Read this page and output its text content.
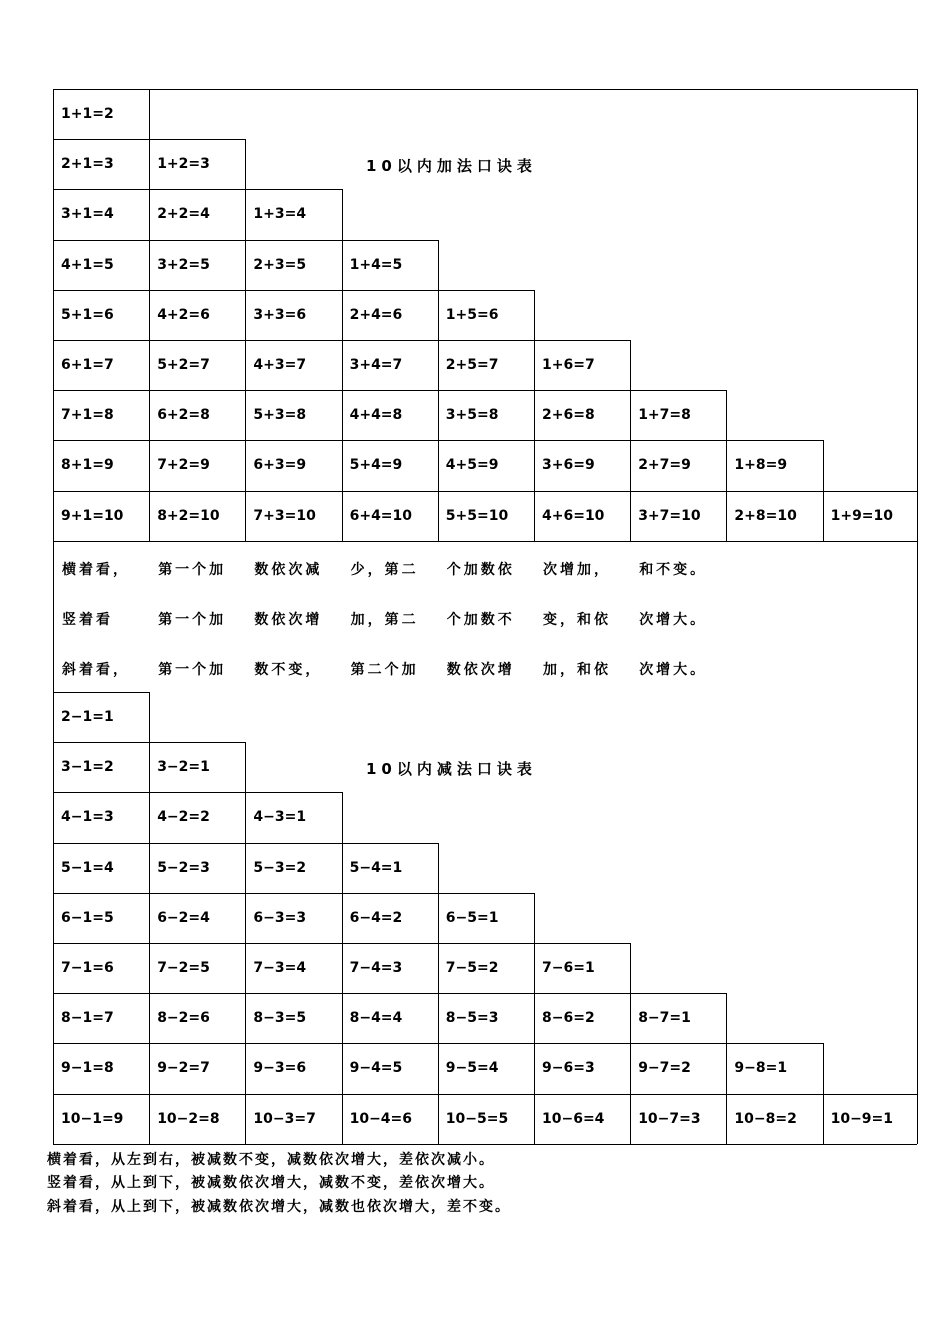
1+1=2
2+1=3	1+2=3
3+1=4	2+2=4	1+3=4
4+1=5	3+2=5	2+3=5	1+4=5
5+1=6	4+2=6	3+3=6	2+4=6	1+5=6
6+1=7	5+2=7	4+3=7	3+4=7	2+5=7	1+6=7
7+1=8	6+2=8	5+3=8	4+4=8	3+5=8	2+6=8	1+7=8
8+1=9	7+2=9	6+3=9	5+4=9	4+5=9	3+6=9	2+7=9	1+8=9
9+1=10	8+2=10	7+3=10	6+4=10	5+5=10	4+6=10	3+7=10	2+8=10	1+9=10
10以内加法口诀表
横着看， 第一个加 数依次减 少，第二 个加数依 次增加， 和不变。
竖着看	第一个加 数依次增 加，第二 个加数不 变，和依 次增大。
斜着看， 第一个加 数不变， 第二个加 数依次增 加，和依 次增大。
2−1=1
3−1=2	3−2=1
4−1=3	4−2=2	4−3=1
5−1=4	5−2=3	5−3=2	5−4=1
6−1=5	6−2=4	6−3=3	6−4=2	6−5=1
7−1=6	7−2=5	7−3=4	7−4=3	7−5=2	7−6=1
8−1=7	8−2=6	8−3=5	8−4=4	8−5=3	8−6=2	8−7=1
9−1=8	9−2=7	9−3=6	9−4=5	9−5=4	9−6=3	9−7=2	9−8=1
10−1=9	10−2=8	10−3=7	10−4=6	10−5=5	10−6=4	10−7=3	10−8=2	10−9=1
10以内减法口诀表
横着看，从左到右，被减数不变，减数依次增大，差依次减小。
竖着看，从上到下，被减数依次增大，减数不变，差依次增大。
斜着看，从上到下，被减数依次增大，减数也依次增大，差不变。
